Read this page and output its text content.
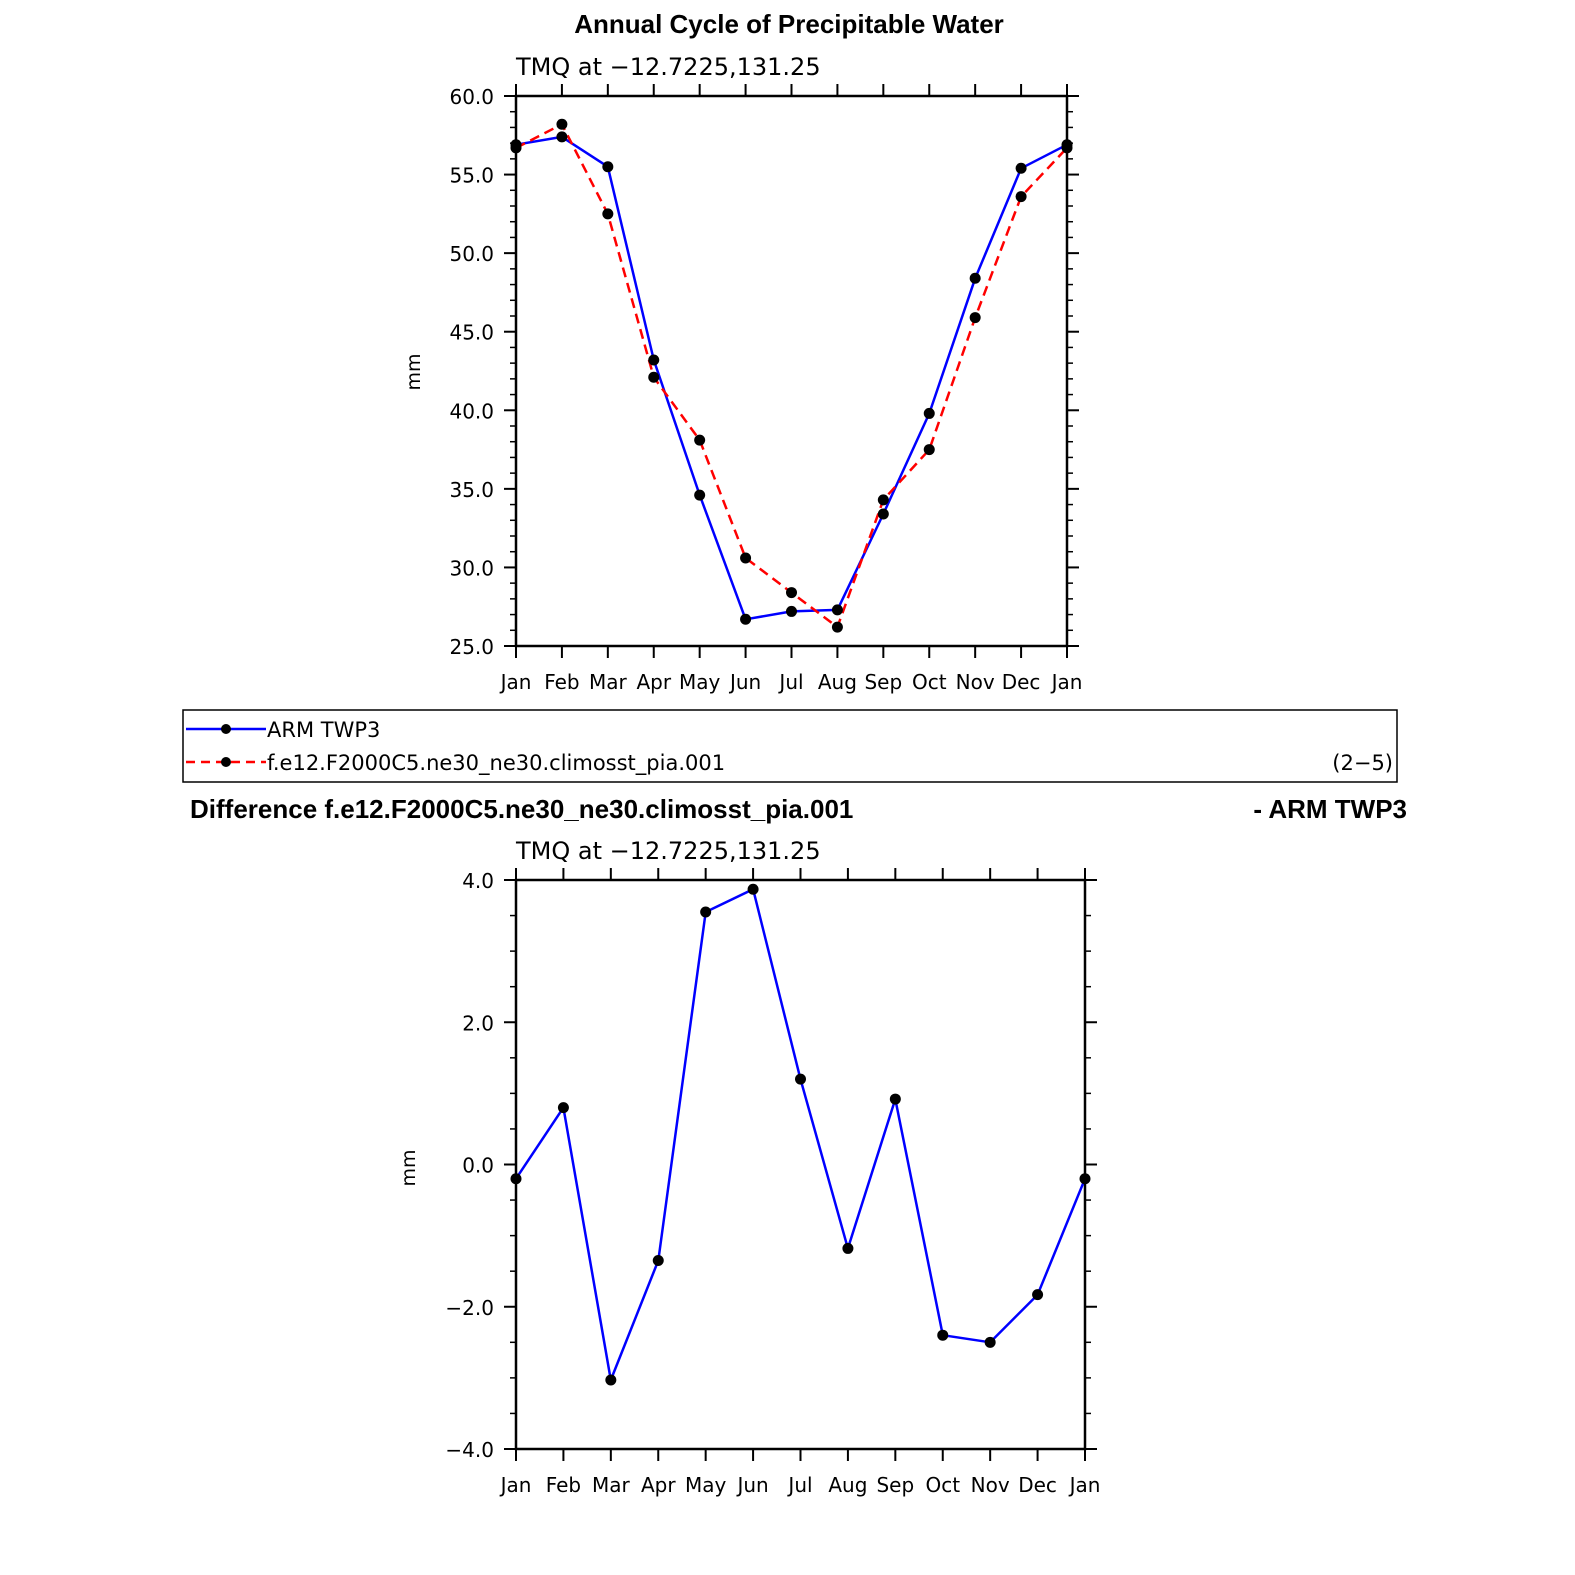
Annual Cycle of Precipitable Water
TMQ at −12.7225,131.25
mm
Jan Feb Mar Apr May Jun Jul Aug Sep Oct Nov Dec Jan
25.0
30.0
35.0
40.0
45.0
50.0
55.0
60.0
ARM TWP3
f.e12.F2000C5.ne30_ne30.climosst_pia.001	(2−5)
Difference f.e12.F2000C5.ne30_ne30.climosst_pia.001	- ARM TWP3
TMQ at −12.7225,131.25
mm
Jan Feb Mar Apr May Jun Jul Aug Sep Oct Nov Dec Jan
−4.0
−2.0
0.0
2.0
4.0
